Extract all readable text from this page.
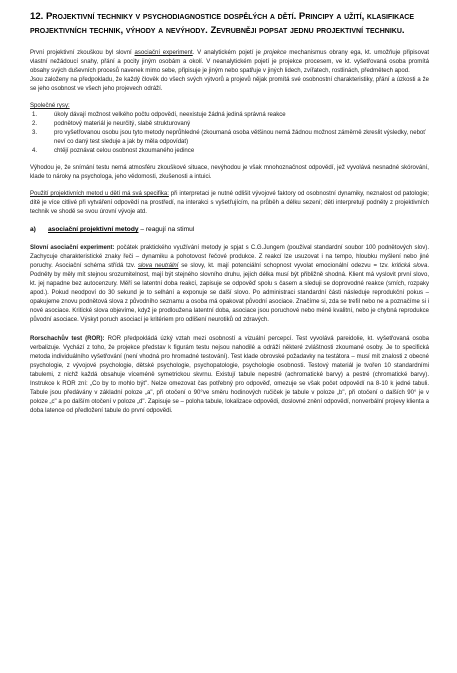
12. Projektivní techniky v psychodiagnostice dospělých a dětí. Principy a užití, klasifikace projektivních technik, výhody a nevýhody. Zevrubněji popsat jednu projektivní techniku.

První projektivní zkouškou byl slovní asociační experiment. V analytickém pojetí je projekce mechanismus obrany ega, kt. umožňuje připisovat vlastní nežádoucí snahy, přání a pocity jiným osobám a okolí. V neanalytickém pojetí je projekce procesem, ve kt. vyšetřovaná osoba promítá obsahy svých duševních procesů navenek mimo sebe, připisuje je jiným nebo spatřuje v jiných lidech, zvířatech, rostlinách, předmětech apod.

Jsou založeny na předpokladu, že každý člověk do všech svých výtvorů a projevů nějak promítá své osobnostní charakteristiky, přání a úzkosti a že se jeho osobnost ve všech jeho projevech odráží.

Společné rysy:

1.	úkoly dávají možnost velkého počtu odpovědí, neexistuje žádná jediná správná reakce
2.	podnětový materiál je neurčitý, slabě strukturovaný
3.	pro vyšetřovanou osobu jsou tyto metody neprůhledné (zkoumaná osoba většinou nemá žádnou možnost záměrně zkreslit výsledky, neboť neví co daný test sleduje a jak by měla odpovídat)
4.	chtějí poznávat celou osobnost zkoumaného jedince

Výhodou je, že snímání testu nemá atmosféru zkouškové situace, nevýhodou je však mnohoznačnost odpovědí, jež vyvolává nesnadné skórování, klade to nároky na psychologa, jeho vědomosti, zkušenosti a intuici.

Použití projektivních metod u dětí má svá specifika: při interpretaci je nutné odlišit vývojové faktory od osobnostní dynamiky, neznalost od patologie; dítě je více citlivé při vytváření odpovědí na prostředí, na interakci s vyšetřujícím, na průběh a délku sezení; děti interpretují podněty z projektivních technik ve shodě se svou úrovní vývoje atd.

a) asociační projektivní metody – reagují na stimul

Slovní asociační experiment: počátek praktického využívání metody je spjat s C.G.Jungem (používal standardní soubor 100 podnětových slov). Zachycuje charakteristické znaky řeči – dynamiku a pohotovost řečové produkce. Z reakcí lze usuzovat i na tempo, hloubku myšlení nebo jiné poruchy. Asociační schéma střídá tzv. slova neutrální se slovy, kt. mají potenciální schopnost vyvolat emocionální odezvu = tzv. kritická slova. Podněty by měly mít stejnou srozumitelnost, mají být stejného slovního druhu, jejich délka musí být přibližně shodná. Klient má vyslovit první slovo, kt. jej napadne bez autocenzury. Měří se latentní doba reakcí, zapisuje se odpověď spolu s časem a sleduji se doprovodné reakce (smích, rozpaky apod.). Pokud neodpoví do 30 sekund je to selhání a exponuje se další slovo. Po administraci standardní části následuje reprodukční pokus – opakujeme znovu podnětová slova z původního seznamu a osoba má opakovat původní asociace. Značíme si, zda se trefil nebo ne a poznačíme si i nové asociace. Kritické slova objevíme, když je prodloužena latentní doba, asociace jsou poruchové nebo méně kvalitní, nebo je chybná reprodukce původní asociace. Výskyt poruch asociací je kritériem pro odlišení neurotiků od zdravých.

Rorschachův test (ROR): ROR předpokládá úzký vztah mezi osobností a vizuální percepcí. Test vyvolává pareidolie, kt. vyšetřovaná osoba verbalizuje. Vychází z toho, že projekce představ k figurám testu nejsou nahodilé a odráží některé zvláštnosti zkoumané osoby. Je to specifická metoda individuálního vyšetřování (není vhodná pro hromadné testování). Test klade obrovské požadavky na testátora – musí mít znalosti z obecné psychologie, z vývojové psychologie, dětské psychologie, psychopatologie, psychologie osobnosti. Testový materiál je tvořen 10 standardními tabulemi, z nichž každá obsahuje víceméně symetrickou skvrnu. Existují tabule nepestré (achromatické barvy) a pestré (chromatické barvy). Instrukce k ROR zní: „Co by to mohlo být". Nelze omezovat čas potřebný pro odpověď, omezuje se však počet odpovědí na 8-10 k jedné tabuli. Tabule jsou předávány v základní poloze „a", při otočení o 90°ve směru hodinových ručiček je tabule v poloze „b", při otočení o dalších 90° je v poloze „c" a po dalším otočení v poloze „d". Zapisuje se – poloha tabule, lokalizace odpovědi, doslovné znění odpovědí, nonverbální projevy klienta a doba latence od předložení tabule do první odpovědi.
